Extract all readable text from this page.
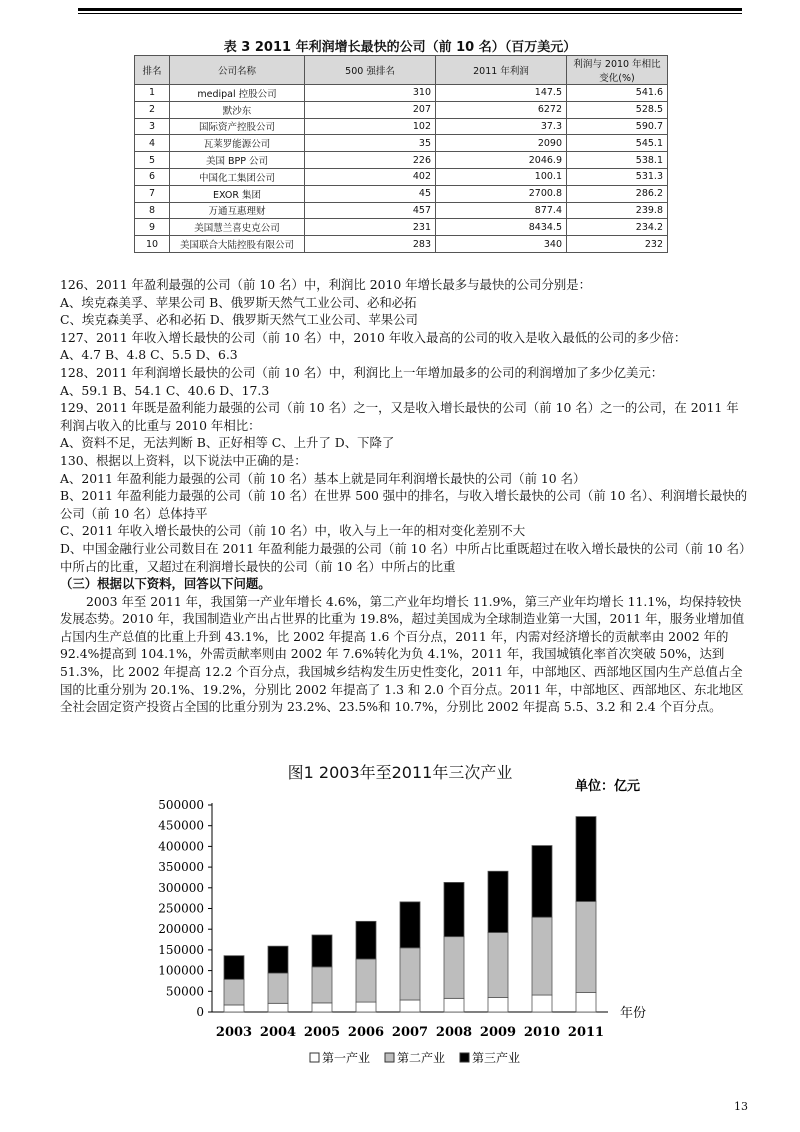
表 3 2011 年利润增长最快的公司（前 10 名）（百万美元）
排名	公司名称	500 强排名	2011 年利润	利润与 2010 年相比变化(%)
1	medipal 控股公司	310	147.5	541.6
2	默沙东	207	6272	528.5
3	国际资产控股公司	102	37.3	590.7
4	瓦莱罗能源公司	35	2090	545.1
5	美国 BPP 公司	226	2046.9	538.1
6	中国化工集团公司	402	100.1	531.3
7	EXOR 集团	45	2700.8	286.2
8	万通互惠理财	457	877.4	239.8
9	美国慧兰喜史克公司	231	8434.5	234.2
10	美国联合大陆控股有限公司	283	340	232

126、2011 年盈利最强的公司（前 10 名）中，利润比 2010 年增长最多与最快的公司分别是：

A、埃克森美孚、苹果公司 B、俄罗斯天然气工业公司、必和必拓

C、埃克森美孚、必和必拓 D、俄罗斯天然气工业公司、苹果公司

127、2011 年收入增长最快的公司（前 10 名）中，2010 年收入最高的公司的收入是收入最低的公司的多少倍：

A、4.7 B、4.8 C、5.5 D、6.3

128、2011 年利润增长最快的公司（前 10 名）中，利润比上一年增加最多的公司的利润增加了多少亿美元：

A、59.1 B、54.1 C、40.6 D、17.3

129、2011 年既是盈利能力最强的公司（前 10 名）之一，又是收入增长最快的公司（前 10 名）之一的公司，在 2011 年利润占收入的比重与 2010 年相比：

A、资料不足，无法判断 B、正好相等 C、上升了 D、下降了

130、根据以上资料，以下说法中正确的是：

A、2011 年盈利能力最强的公司（前 10 名）基本上就是同年利润增长最快的公司（前 10 名）

B、2011 年盈利能力最强的公司（前 10 名）在世界 500 强中的排名，与收入增长最快的公司（前 10 名）、利润增长最快的公司（前 10 名）总体持平

C、2011 年收入增长最快的公司（前 10 名）中，收入与上一年的相对变化差别不大

D、中国金融行业公司数目在 2011 年盈利能力最强的公司（前 10 名）中所占比重既超过在收入增长最快的公司（前 10 名）中所占的比重，又超过在利润增长最快的公司（前 10 名）中所占的比重

（三）根据以下资料，回答以下问题。

2003 年至 2011 年，我国第一产业年增长 4.6%，第二产业年均增长 11.9%，第三产业年均增长 11.1%，均保持较快发展态势。2010 年，我国制造业产出占世界的比重为 19.8%，超过美国成为全球制造业第一大国，2011 年，服务业增加值占国内生产总值的比重上升到 43.1%，比 2002 年提高 1.6 个百分点，2011 年，内需对经济增长的贡献率由 2002 年的 92.4%提高到 104.1%，外需贡献率则由 2002 年 7.6%转化为负 4.1%，2011 年，我国城镇化率首次突破 50%，达到 51.3%，比 2002 年提高 12.2 个百分点，我国城乡结构发生历史性变化，2011 年，中部地区、西部地区国内生产总值占全国的比重分别为 20.1%、19.2%，分别比 2002 年提高了 1.3 和 2.0 个百分点。2011 年，中部地区、西部地区、东北地区全社会固定资产投资占全国的比重分别为 23.2%、23.5%和 10.7%，分别比 2002 年提高 5.5、3.2 和 2.4 个百分点。

图1 2003年至2011年三次产业
单位：亿元
0
50000
100000
150000
200000
250000
300000
350000
400000
450000
500000
年份
2003 2004 2005 2006 2007 2008 2009 2010 2011
第一产业 第二产业 第三产业
13
